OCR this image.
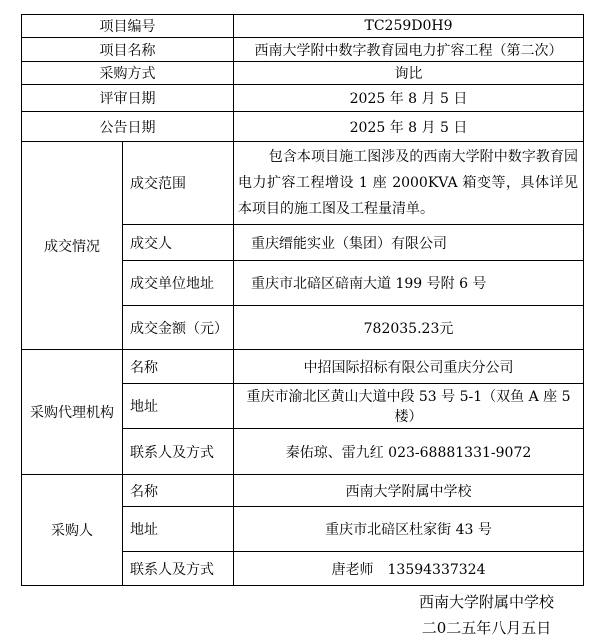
项目编号		TC259D0H9
项目名称		西南大学附中数字教育园电力扩容工程（第二次）
采购方式		询比
评审日期		2025 年 8 月 5 日
公告日期		2025 年 8 月 5 日
成交情况	成交范围	包含本项目施工图涉及的西南大学附中数字教育园电力扩容工程增设 1 座 2000KVA 箱变等，具体详见本项目的施工图及工程量清单。

	成交人	重庆缙能实业（集团）有限公司
	成交单位地址	重庆市北碚区碚南大道 199 号附 6 号
	成交金额（元）	782035.23元
采购代理机构	名称	中招国际招标有限公司重庆分公司
	地址	重庆市渝北区黄山大道中段 53 号 5-1（双鱼 A 座 5 楼）
	联系人及方式	秦佑琼、雷九红 023-68881331-9072
采购人	名称	西南大学附属中学校
	地址	重庆市北碚区杜家街 43 号
	联系人及方式	唐老师　13594337324
西南大学附属中学校
二0二五年八月五日
